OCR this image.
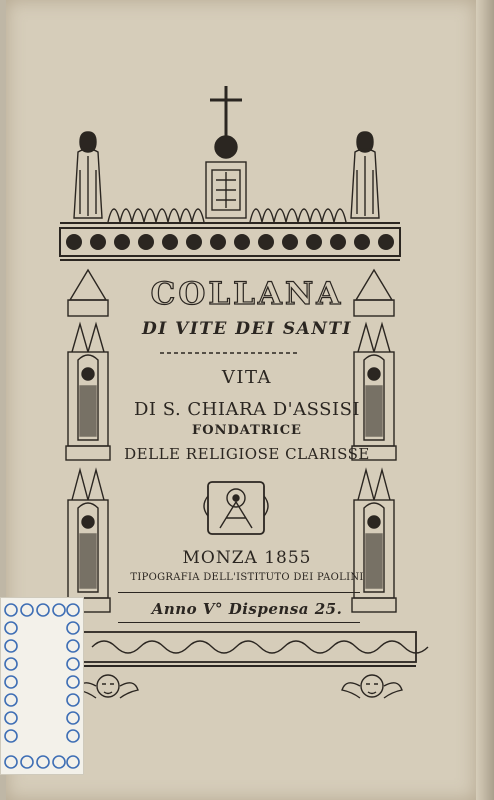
COLLANA
DI VITE DEI SANTI
VITA
DI S. CHIARA D'ASSISI
FONDATRICE
DELLE RELIGIOSE CLARISSE
MONZA 1855
TIPOGRAFIA DELL'ISTITUTO DEI PAOLINI
Anno V° Dispensa 25.
